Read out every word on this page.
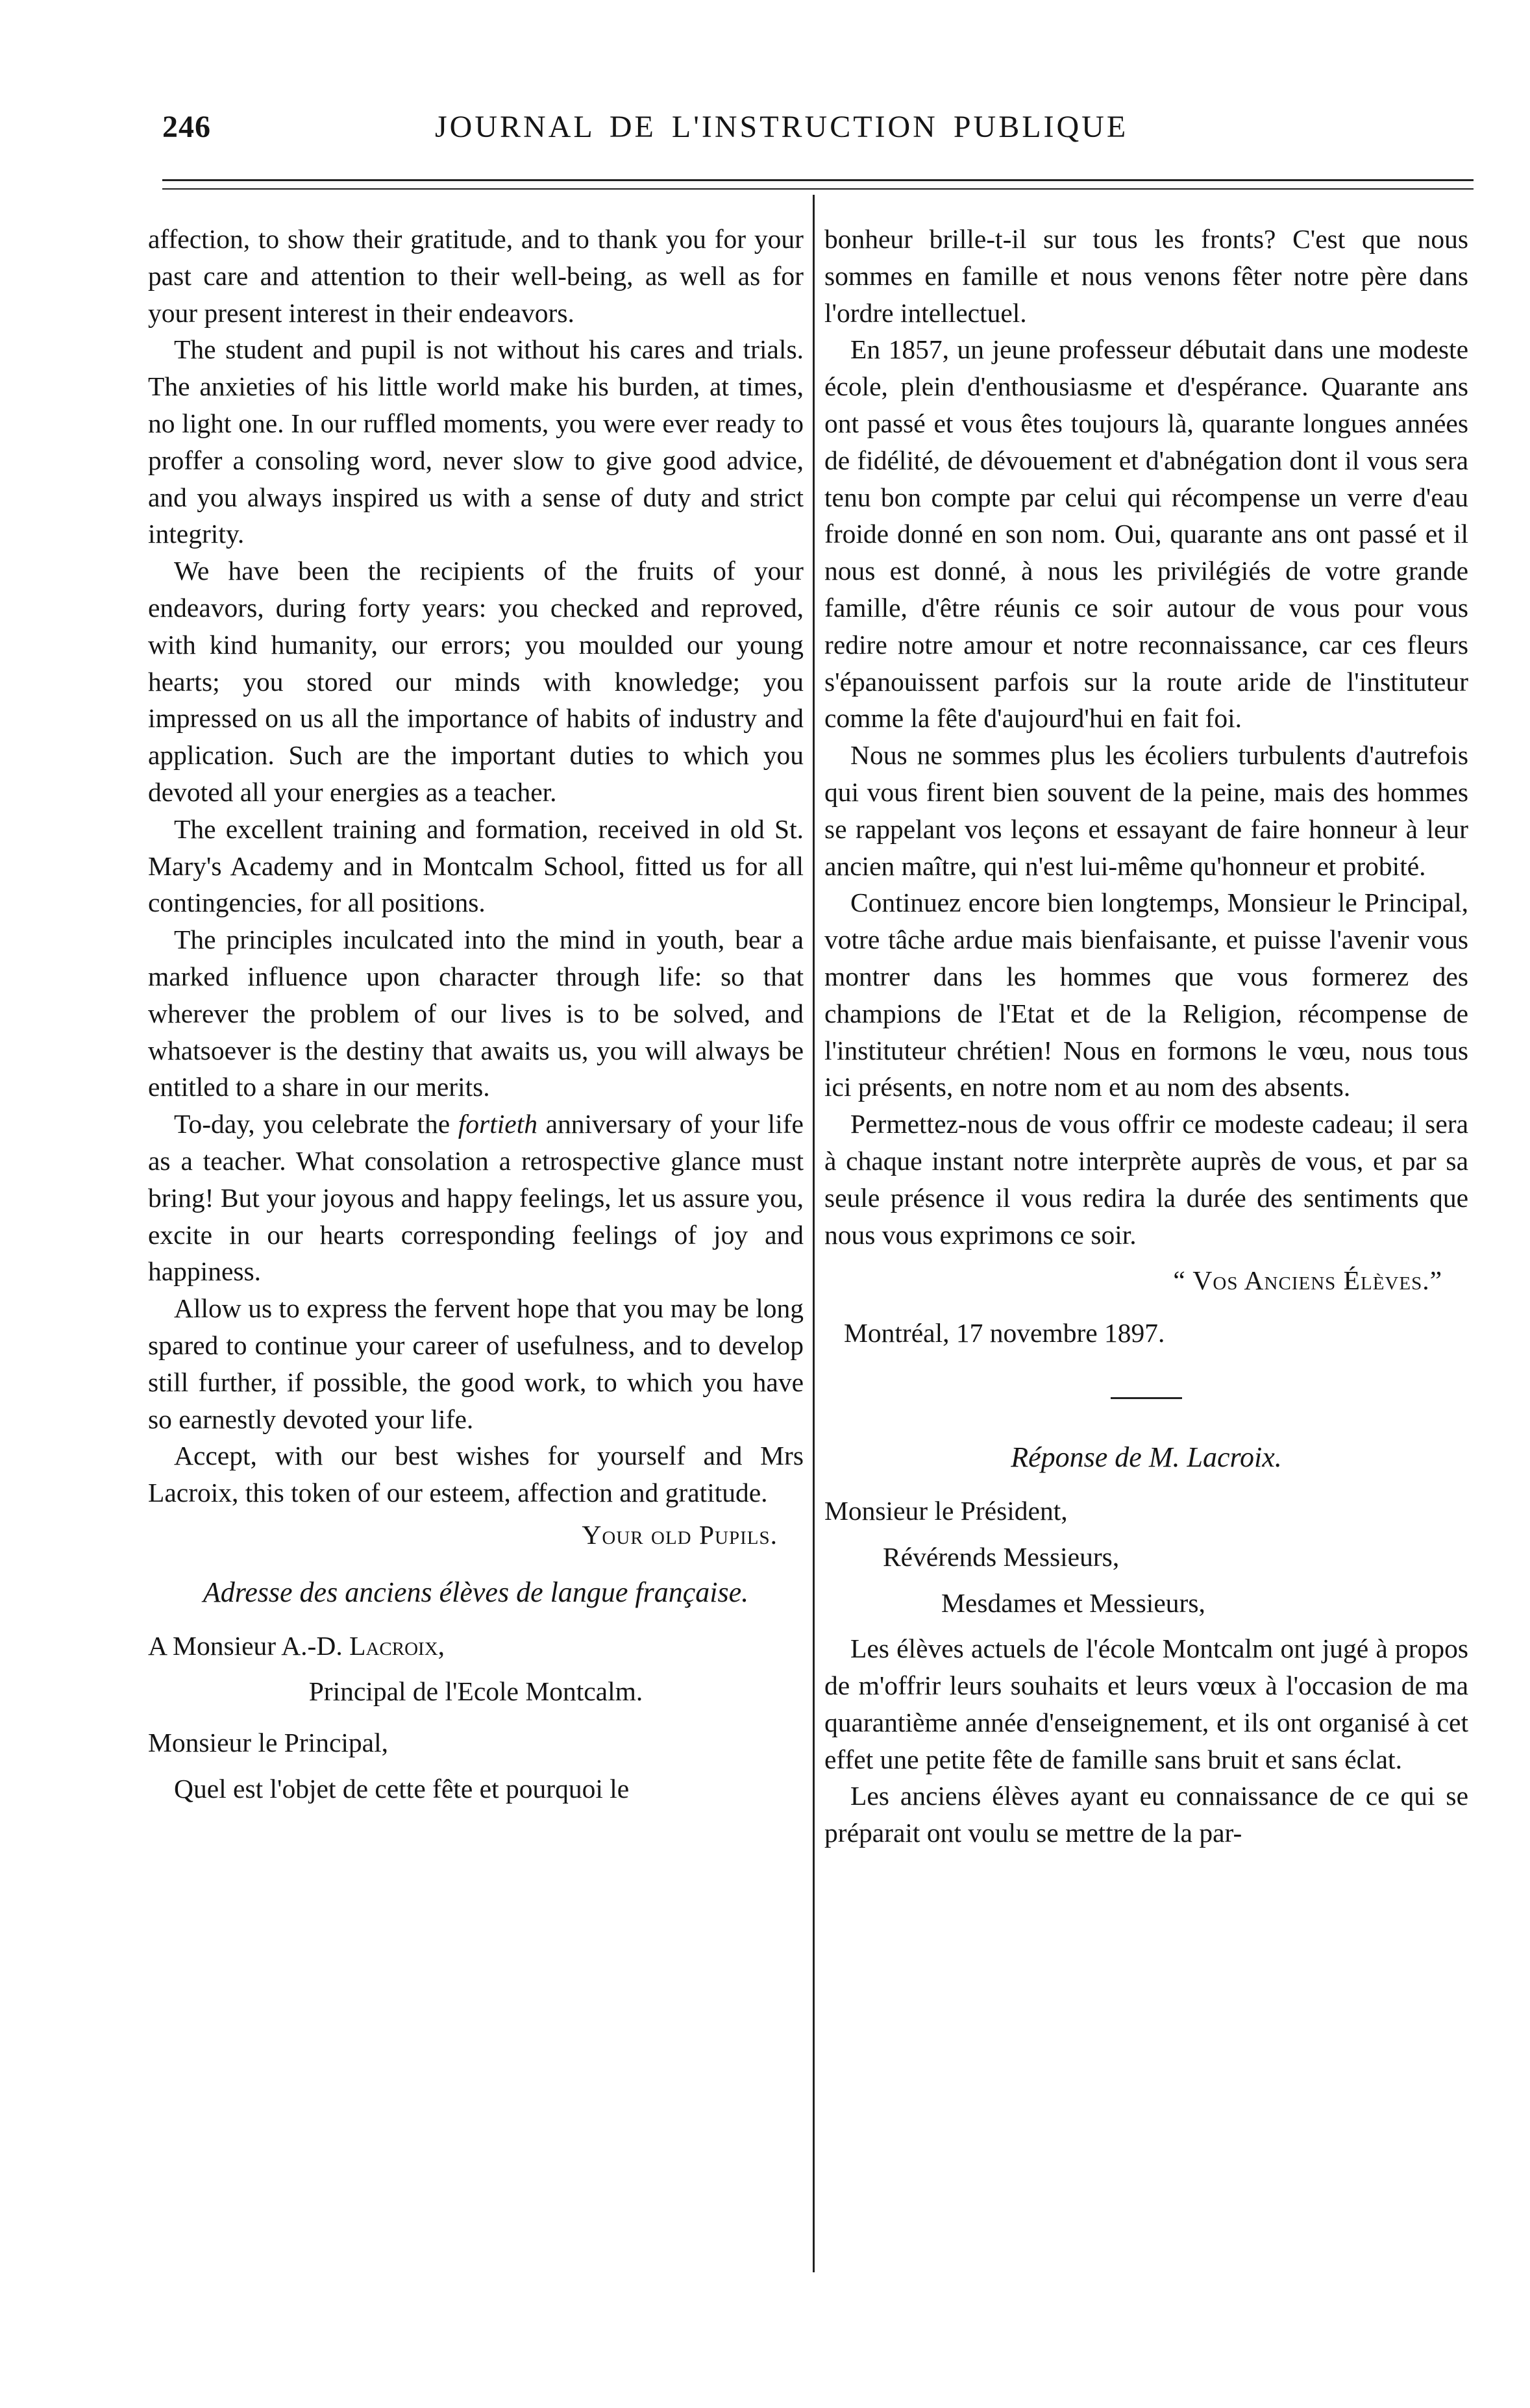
246	JOURNAL DE L'INSTRUCTION PUBLIQUE

affection, to show their gratitude, and to thank you for your past care and attention to their well-being, as well as for your present interest in their endeavors.

The student and pupil is not without his cares and trials. The anxieties of his little world make his burden, at times, no light one. In our ruffled moments, you were ever ready to proffer a consoling word, never slow to give good advice, and you always inspired us with a sense of duty and strict integrity.

We have been the recipients of the fruits of your endeavors, during forty years: you checked and reproved, with kind humanity, our errors; you moulded our young hearts; you stored our minds with knowledge; you impressed on us all the importance of habits of industry and application. Such are the important duties to which you devoted all your energies as a teacher.

The excellent training and formation, received in old St. Mary's Academy and in Montcalm School, fitted us for all contingencies, for all positions.

The principles inculcated into the mind in youth, bear a marked influence upon character through life: so that wherever the problem of our lives is to be solved, and whatsoever is the destiny that awaits us, you will always be entitled to a share in our merits.

To-day, you celebrate the fortieth anniversary of your life as a teacher. What consolation a retrospective glance must bring! But your joyous and happy feelings, let us assure you, excite in our hearts corresponding feelings of joy and happiness.

Allow us to express the fervent hope that you may be long spared to continue your career of usefulness, and to develop still further, if possible, the good work, to which you have so earnestly devoted your life.

Accept, with our best wishes for yourself and Mrs Lacroix, this token of our esteem, affection and gratitude.

Your old Pupils.
Adresse des anciens élèves de langue française.
A Monsieur A.-D. Lacroix,
Principal de l'Ecole Montcalm.
Monsieur le Principal,

Quel est l'objet de cette fête et pourquoi le

bonheur brille-t-il sur tous les fronts? C'est que nous sommes en famille et nous venons fêter notre père dans l'ordre intellectuel.

En 1857, un jeune professeur débutait dans une modeste école, plein d'enthousiasme et d'espérance. Quarante ans ont passé et vous êtes toujours là, quarante longues années de fidélité, de dévouement et d'abnégation dont il vous sera tenu bon compte par celui qui récompense un verre d'eau froide donné en son nom. Oui, quarante ans ont passé et il nous est donné, à nous les privilégiés de votre grande famille, d'être réunis ce soir autour de vous pour vous redire notre amour et notre reconnaissance, car ces fleurs s'épanouissent parfois sur la route aride de l'instituteur comme la fête d'aujourd'hui en fait foi.

Nous ne sommes plus les écoliers turbulents d'autrefois qui vous firent bien souvent de la peine, mais des hommes se rappelant vos leçons et essayant de faire honneur à leur ancien maître, qui n'est lui-même qu'honneur et probité.

Continuez encore bien longtemps, Monsieur le Principal, votre tâche ardue mais bienfaisante, et puisse l'avenir vous montrer dans les hommes que vous formerez des champions de l'Etat et de la Religion, récompense de l'instituteur chrétien! Nous en formons le vœu, nous tous ici présents, en notre nom et au nom des absents.

Permettez-nous de vous offrir ce modeste cadeau; il sera à chaque instant notre interprète auprès de vous, et par sa seule présence il vous redira la durée des sentiments que nous vous exprimons ce soir.

“ Vos Anciens Élèves.”
Montréal, 17 novembre 1897.
Réponse de M. Lacroix.
Monsieur le Président,
Révérends Messieurs,
Mesdames et Messieurs,

Les élèves actuels de l'école Montcalm ont jugé à propos de m'offrir leurs souhaits et leurs vœux à l'occasion de ma quarantième année d'enseignement, et ils ont organisé à cet effet une petite fête de famille sans bruit et sans éclat.

Les anciens élèves ayant eu connaissance de ce qui se préparait ont voulu se mettre de la par-
